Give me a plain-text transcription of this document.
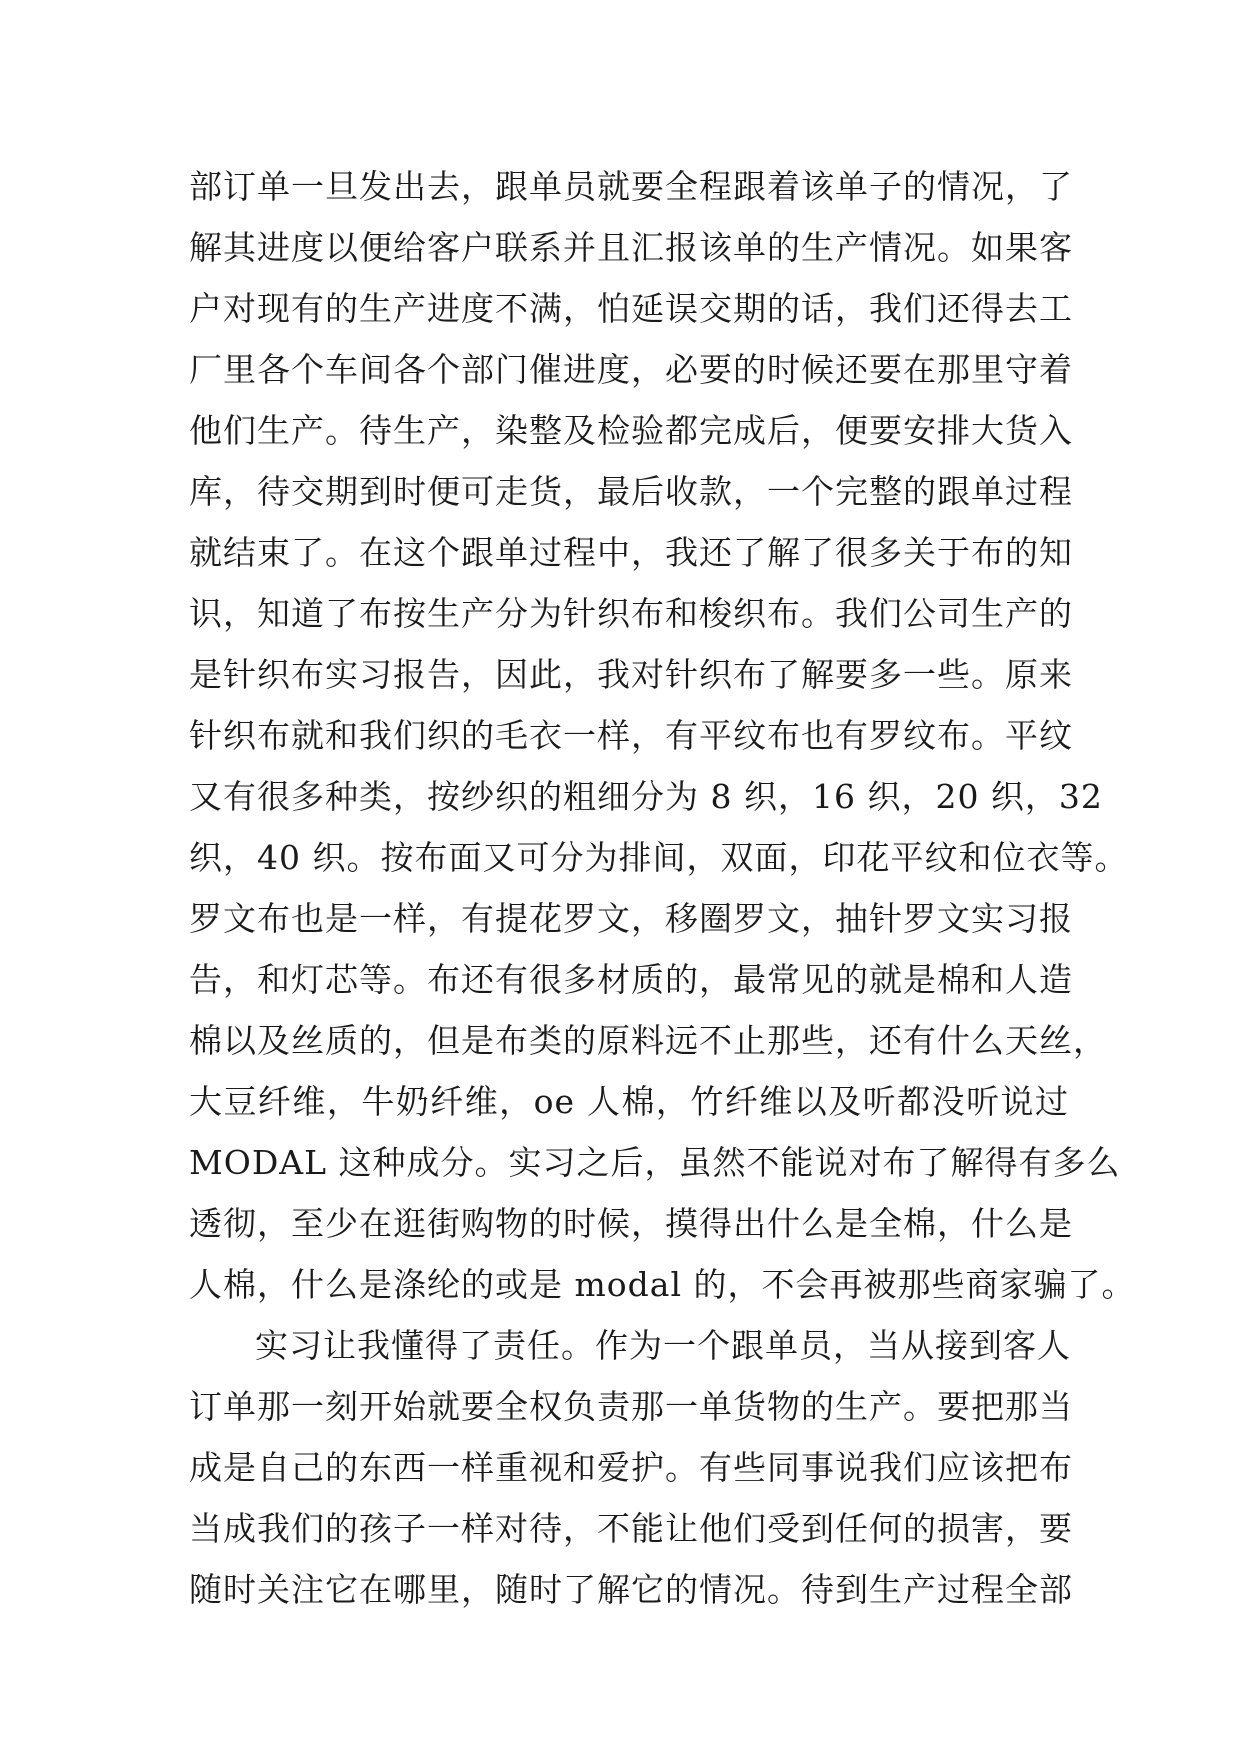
部订单一旦发出去，跟单员就要全程跟着该单子的情况，了
解其进度以便给客户联系并且汇报该单的生产情况。如果客
户对现有的生产进度不满，怕延误交期的话，我们还得去工
厂里各个车间各个部门催进度，必要的时候还要在那里守着
他们生产。待生产，染整及检验都完成后，便要安排大货入
库，待交期到时便可走货，最后收款，一个完整的跟单过程
就结束了。在这个跟单过程中，我还了解了很多关于布的知
识，知道了布按生产分为针织布和梭织布。我们公司生产的
是针织布实习报告，因此，我对针织布了解要多一些。原来
针织布就和我们织的毛衣一样，有平纹布也有罗纹布。平纹
又有很多种类，按纱织的粗细分为 8 织，16 织，20 织，32
织，40 织。按布面又可分为排间，双面，印花平纹和位衣等。
罗文布也是一样，有提花罗文，移圈罗文，抽针罗文实习报
告，和灯芯等。布还有很多材质的，最常见的就是棉和人造
棉以及丝质的，但是布类的原料远不止那些，还有什么天丝，
大豆纤维，牛奶纤维，oe 人棉，竹纤维以及听都没听说过
MODAL 这种成分。实习之后，虽然不能说对布了解得有多么
透彻，至少在逛街购物的时候，摸得出什么是全棉，什么是
人棉，什么是涤纶的或是 modal 的，不会再被那些商家骗了。
实习让我懂得了责任。作为一个跟单员，当从接到客人
订单那一刻开始就要全权负责那一单货物的生产。要把那当
成是自己的东西一样重视和爱护。有些同事说我们应该把布
当成我们的孩子一样对待，不能让他们受到任何的损害，要
随时关注它在哪里，随时了解它的情况。待到生产过程全部
